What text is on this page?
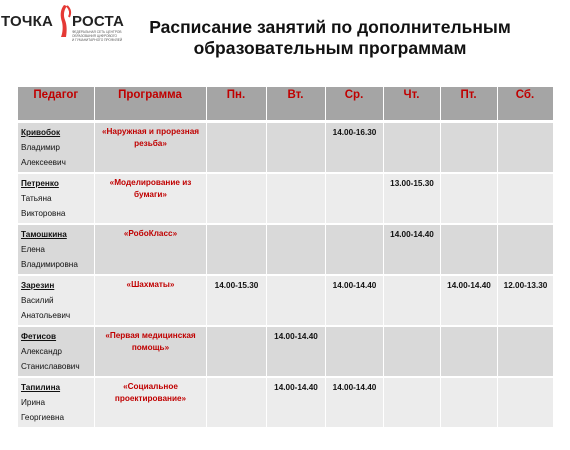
ТОЧКА РОСТА
ФЕДЕРАЛЬНАЯ СЕТЬ ЦЕНТРОВ
ОБРАЗОВАНИЯ ЦИФРОВОГО
И ГУМАНИТАРНОГО ПРОФИЛЕЙ
Расписание занятий по дополнительным
образовательным программам
Педагог	Программа	Пн.	Вт.	Ср.	Чт.	Пт.	Сб.
Кривобок
Владимир
Алексеевич	«Наружная и прорезная резьба»			14.00-16.30			
Петренко
Татьяна
Викторовна	«Моделирование из бумаги»				13.00-15.30		
Тамошкина
Елена
Владимировна	«РобоКласс»				14.00-14.40		
Зарезин
Василий
Анатольевич	«Шахматы»	14.00-15.30		14.00-14.40		14.00-14.40	12.00-13.30
Фетисов
Александр
Станиславович	«Первая медицинская помощь»		14.00-14.40				
Тапилина
Ирина
Георгиевна	«Социальное проектирование»		14.00-14.40	14.00-14.40			
